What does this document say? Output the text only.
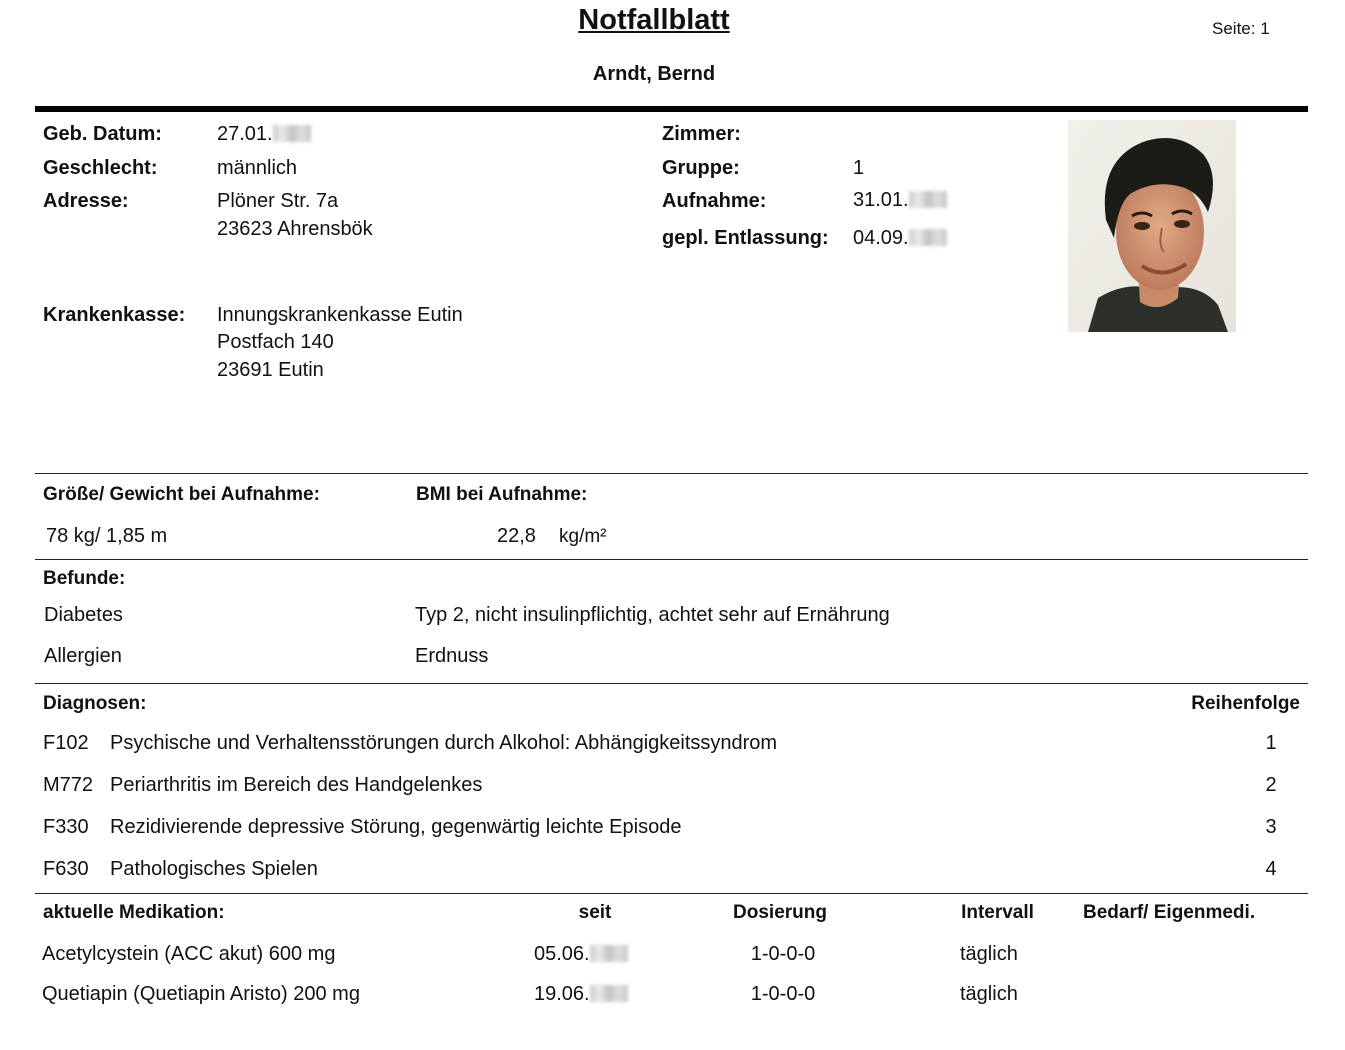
Notfallblatt	Seite: 1
Arndt, Bernd
Geb. Datum:	27.01.
Geschlecht:	männlich
Adresse:	Plöner Str. 7a
23623 Ahrensbök
Krankenkasse: Innungskrankenkasse Eutin
Postfach 140
23691 Eutin
Zimmer:
Gruppe:	1
Aufnahme:	31.01.
gepl. Entlassung: 04.09.
Größe/ Gewicht bei Aufnahme:	BMI bei Aufnahme:
78 kg/ 1,85 m	22,8 kg/m²
Befunde:
Diabetes	Typ 2, nicht insulinpflichtig, achtet sehr auf Ernährung
Allergien	Erdnuss
Diagnosen:	Reihenfolge
F102 Psychische und Verhaltensstörungen durch Alkohol: Abhängigkeitssyndrom	1
M772 Periarthritis im Bereich des Handgelenkes	2
F330 Rezidivierende depressive Störung, gegenwärtig leichte Episode	3
F630 Pathologisches Spielen	4
aktuelle Medikation:	seit	Dosierung	Intervall	Bedarf/ Eigenmedi.
Acetylcystein (ACC akut) 600 mg	05.06.	1-0-0-0	täglich
Quetiapin (Quetiapin Aristo) 200 mg	19.06.	1-0-0-0	täglich
